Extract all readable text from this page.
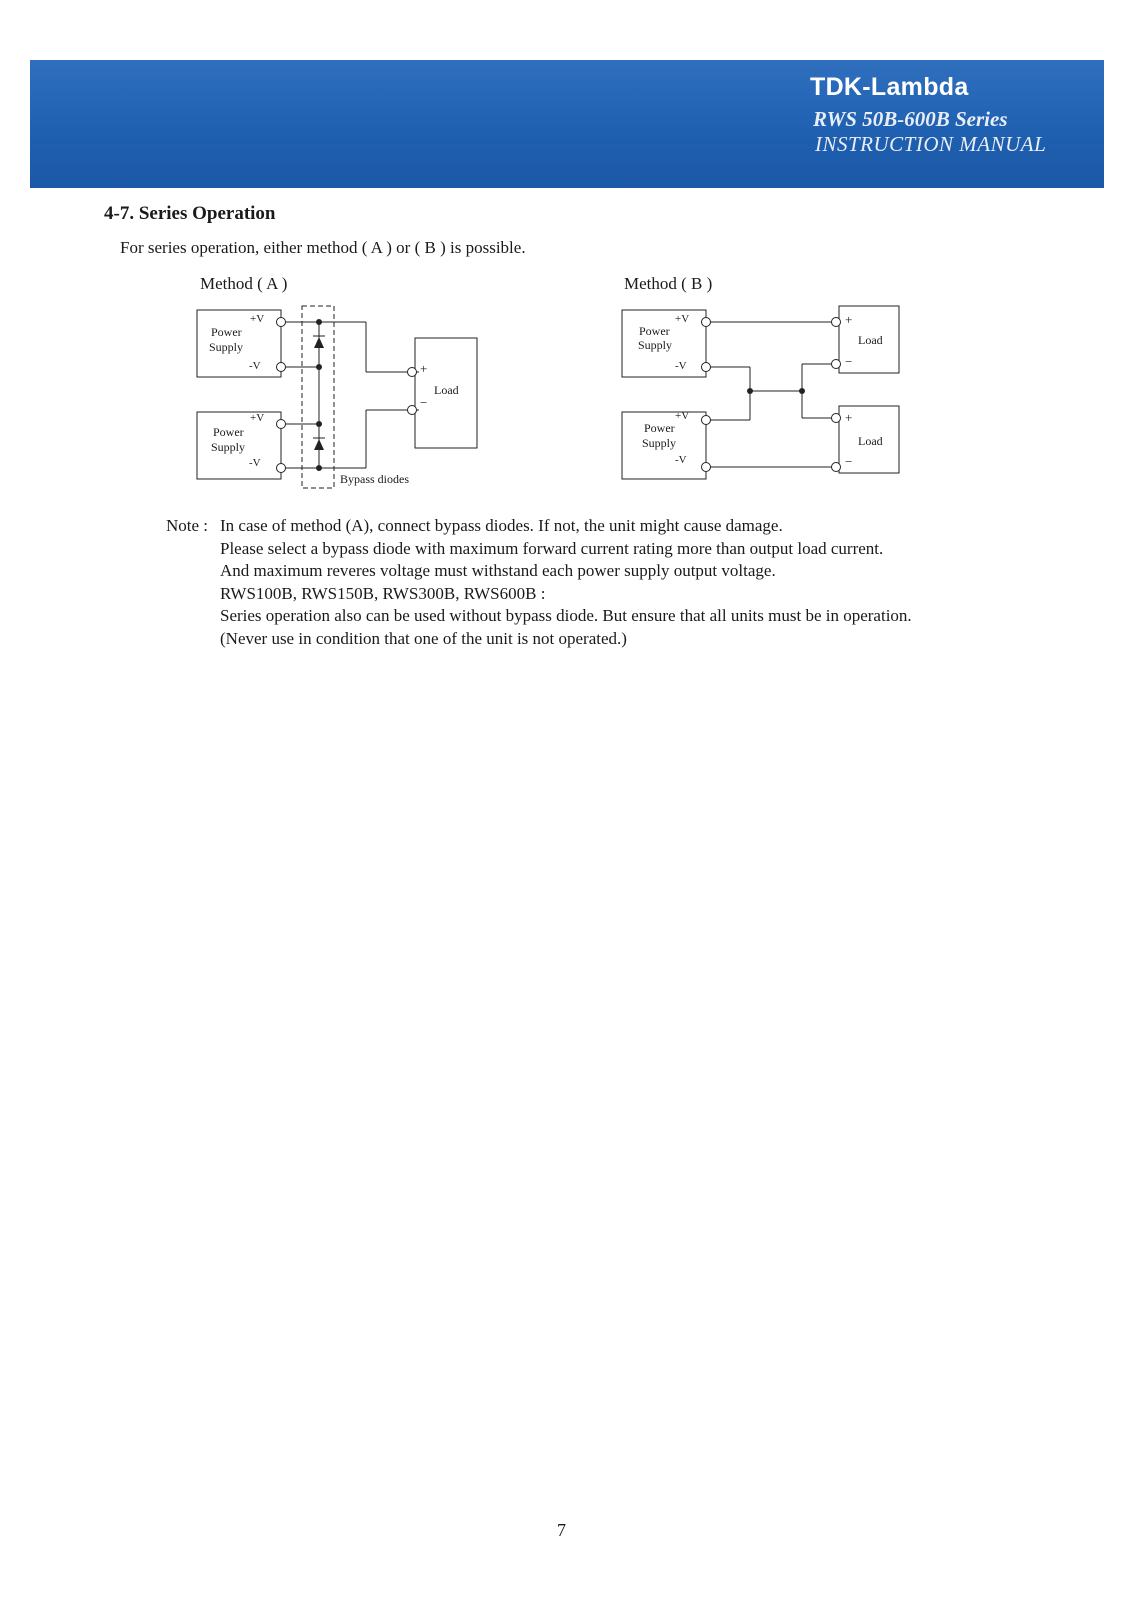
TDK-Lambda
RWS 50B-600B Series
INSTRUCTION MANUAL
4-7. Series Operation
For series operation, either method ( A ) or ( B ) is possible.
Method ( A )	Method ( B )
+V
-V
Power
Supply
+V
-V
Power
Supply
+
−
Load
Bypass diodes
+V
-V
Power
Supply
+V
-V
Power
Supply
+
−
Load
+
−
Load
Note : In case of method (A), connect bypass diodes. If not, the unit might cause damage.
Please select a bypass diode with maximum forward current rating more than output load current.
And maximum reveres voltage must withstand each power supply output voltage.
RWS100B, RWS150B, RWS300B, RWS600B :
Series operation also can be used without bypass diode. But ensure that all units must be in operation.
(Never use in condition that one of the unit is not operated.)
7
